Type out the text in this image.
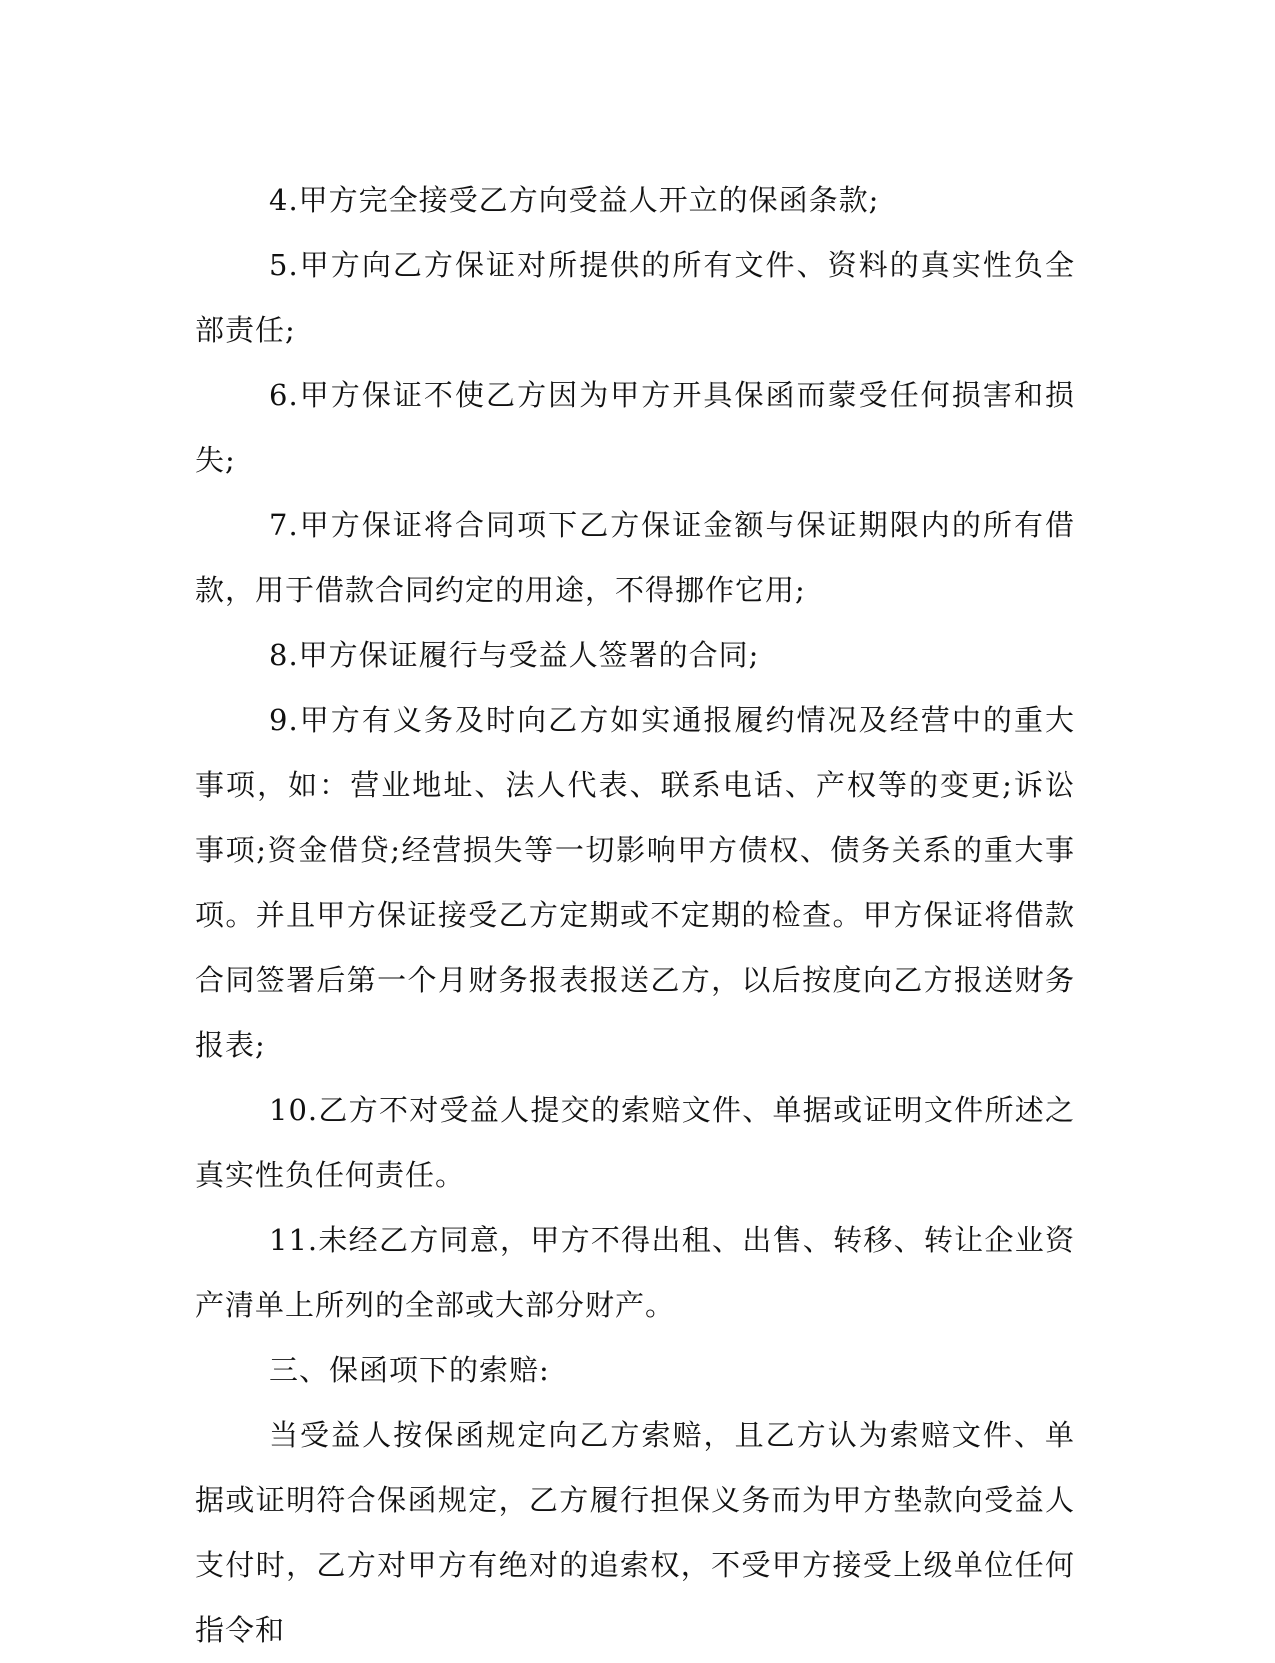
4.甲方完全接受乙方向受益人开立的保函条款;

5.甲方向乙方保证对所提供的所有文件、资料的真实性负全部责任;

6.甲方保证不使乙方因为甲方开具保函而蒙受任何损害和损失;

7.甲方保证将合同项下乙方保证金额与保证期限内的所有借款，用于借款合同约定的用途，不得挪作它用;

8.甲方保证履行与受益人签署的合同;

9.甲方有义务及时向乙方如实通报履约情况及经营中的重大事项，如：营业地址、法人代表、联系电话、产权等的变更;诉讼事项;资金借贷;经营损失等一切影响甲方债权、债务关系的重大事项。并且甲方保证接受乙方定期或不定期的检查。甲方保证将借款合同签署后第一个月财务报表报送乙方，以后按度向乙方报送财务报表;

10.乙方不对受益人提交的索赔文件、单据或证明文件所述之真实性负任何责任。

11.未经乙方同意，甲方不得出租、出售、转移、转让企业资产清单上所列的全部或大部分财产。

三、保函项下的索赔:

当受益人按保函规定向乙方索赔，且乙方认为索赔文件、单据或证明符合保函规定，乙方履行担保义务而为甲方垫款向受益人支付时，乙方对甲方有绝对的追索权，不受甲方接受上级单位任何指令和
